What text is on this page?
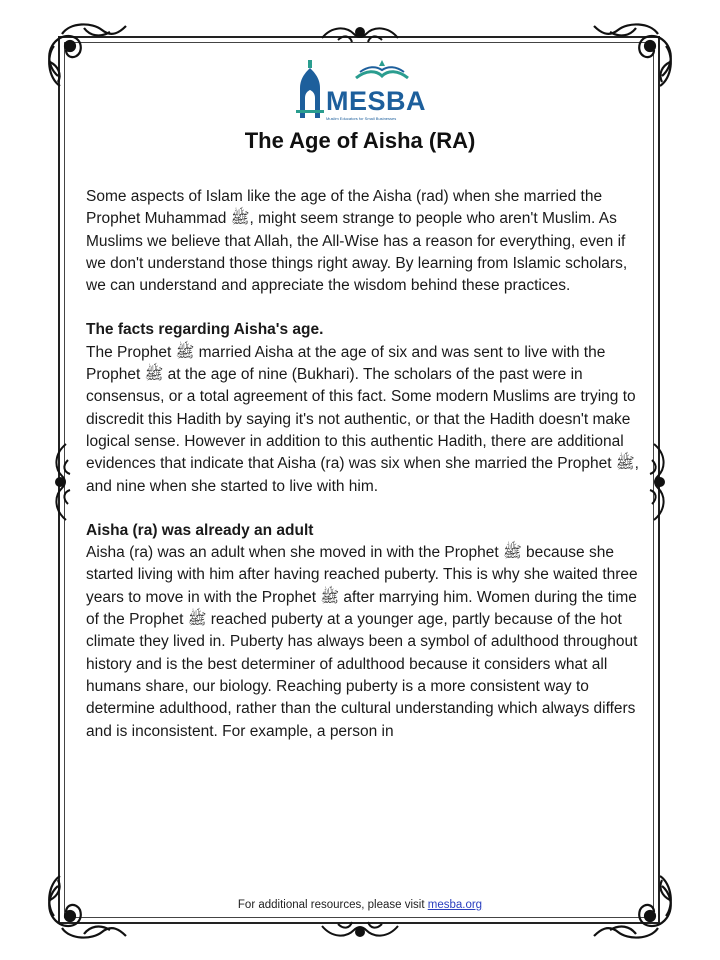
MESBA
Muslim Educators for Small Businesses
The Age of Aisha (RA)

Some aspects of Islam like the age of the Aisha (rad) when she married the Prophet Muhammad ﷺ, might seem strange to people who aren't Muslim. As Muslims we believe that Allah, the All-Wise has a reason for everything, even if we don't understand those things right away. By learning from Islamic scholars, we can understand and appreciate the wisdom behind these practices.

The facts regarding Aisha's age.

The Prophet ﷺ married Aisha at the age of six and was sent to live with the Prophet ﷺ at the age of nine (Bukhari). The scholars of the past were in consensus, or a total agreement of this fact. Some modern Muslims are trying to discredit this Hadith by saying it's not authentic, or that the Hadith doesn't make logical sense. However in addition to this authentic Hadith, there are additional evidences that indicate that Aisha (ra) was six when she married the Prophet ﷺ, and nine when she started to live with him.

Aisha (ra) was already an adult

Aisha (ra) was an adult when she moved in with the Prophet ﷺ because she started living with him after having reached puberty. This is why she waited three years to move in with the Prophet ﷺ after marrying him. Women during the time of the Prophet ﷺ reached puberty at a younger age, partly because of the hot climate they lived in. Puberty has always been a symbol of adulthood throughout history and is the best determiner of adulthood because it considers what all humans share, our biology. Reaching puberty is a more consistent way to determine adulthood, rather than the cultural understanding which always differs and is inconsistent. For example, a person in

For additional resources, please visit mesba.org
